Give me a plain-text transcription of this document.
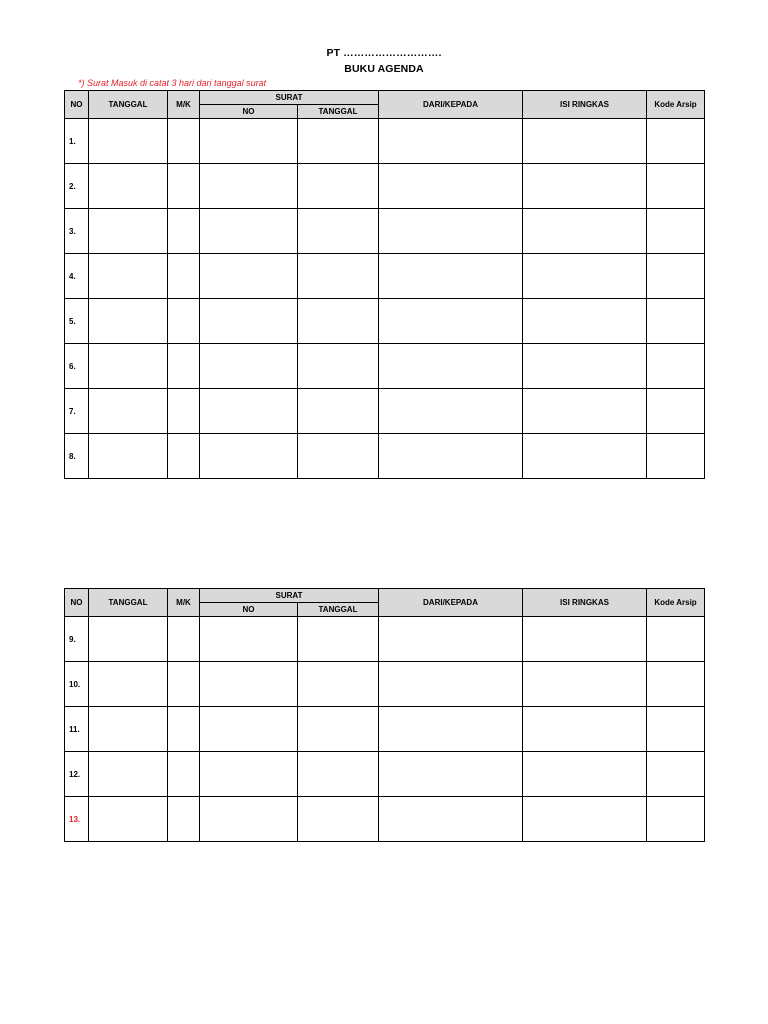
PT ……………………….
BUKU AGENDA
*) Surat Masuk di catat 3 hari dari tanggal surat
NO	TANGGAL	M/K	SURAT		DARI/KEPADA	ISI RINGKAS	Kode Arsip
			NO	TANGGAL			
1.							
2.							
3.							
4.							
5.							
6.							
7.							
8.							
NO	TANGGAL	M/K	SURAT		DARI/KEPADA	ISI RINGKAS	Kode Arsip
			NO	TANGGAL			
9.							
10.							
11.							
12.							
13.							
